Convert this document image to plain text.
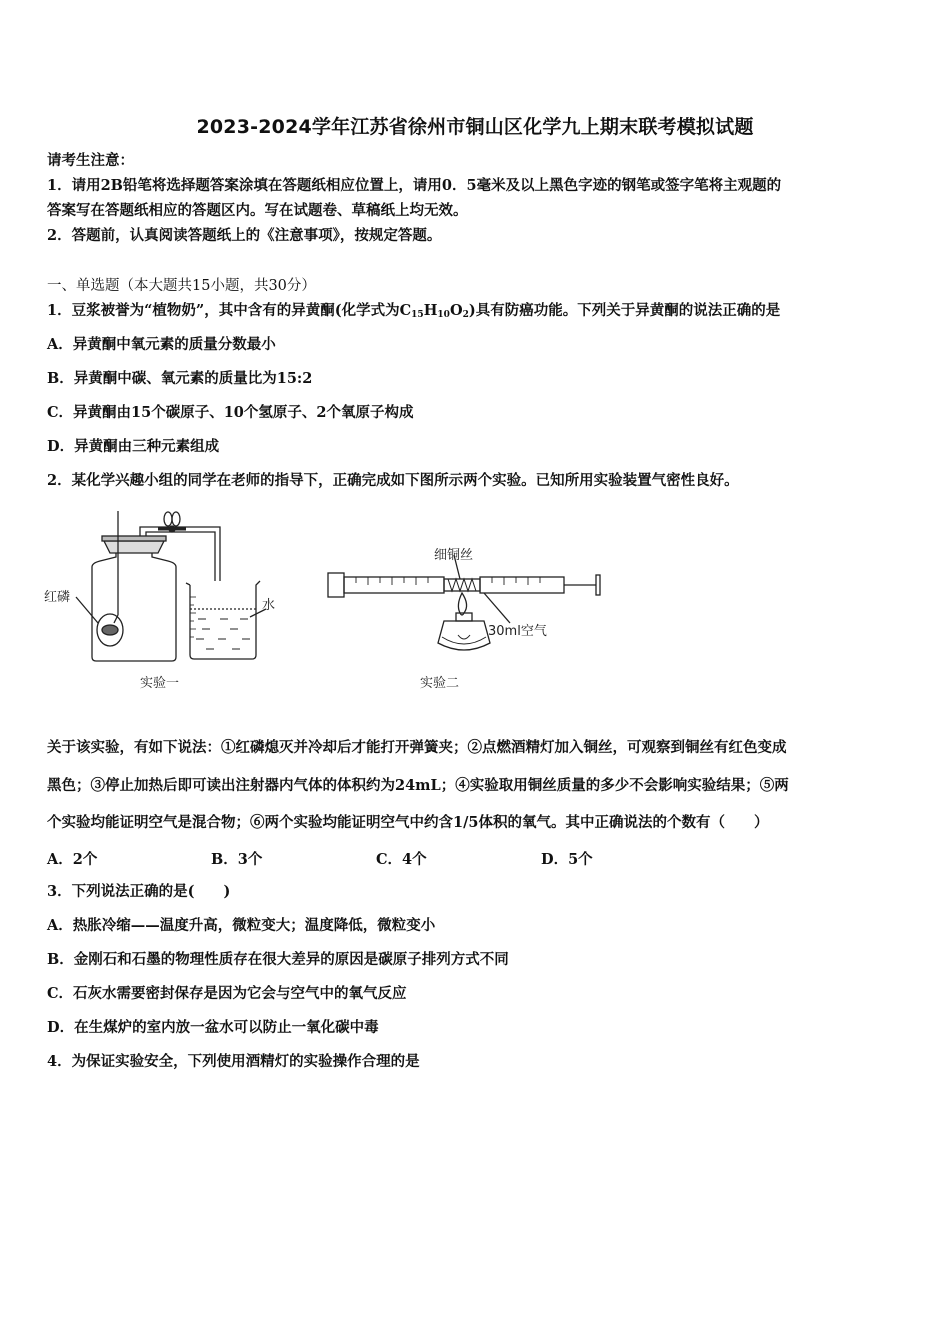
2023-2024学年江苏省徐州市铜山区化学九上期末联考模拟试题
请考生注意：
1．请用2B铅笔将选择题答案涂填在答题纸相应位置上，请用0．5毫米及以上黑色字迹的钢笔或签字笔将主观题的
答案写在答题纸相应的答题区内。写在试题卷、草稿纸上均无效。
2．答题前，认真阅读答题纸上的《注意事项》，按规定答题。
一、单选题（本大题共15小题，共30分）
1．豆浆被誉为“植物奶”，其中含有的异黄酮(化学式为$C_{15}H_{10}O_2$)具有防癌功能。下列关于异黄酮的说法正确的是
A．异黄酮中氧元素的质量分数最小
B．异黄酮中碳、氧元素的质量比为15:2
C．异黄酮由15个碳原子、10个氢原子、2个氧原子构成
D．异黄酮由三种元素组成
2．某化学兴趣小组的同学在老师的指导下，正确完成如下图所示两个实验。已知所用实验装置气密性良好。
红磷
水
实验一
细铜丝
30ml空气
实验二
关于该实验，有如下说法：①红磷熄灭并冷却后才能打开弹簧夹；②点燃酒精灯加入铜丝，可观察到铜丝有红色变成
黑色；③停止加热后即可读出注射器内气体的体积约为24mL；④实验取用铜丝质量的多少不会影响实验结果；⑤两
个实验均能证明空气是混合物；⑥两个实验均能证明空气中约含1/5体积的氧气。其中正确说法的个数有（　　）
A．2个	B．3个	C．4个	D．5个
3．下列说法正确的是(　　)
A．热胀冷缩——温度升高，微粒变大；温度降低，微粒变小
B．金刚石和石墨的物理性质存在很大差异的原因是碳原子排列方式不同
C．石灰水需要密封保存是因为它会与空气中的氧气反应
D．在生煤炉的室内放一盆水可以防止一氧化碳中毒
4．为保证实验安全，下列使用酒精灯的实验操作合理的是
